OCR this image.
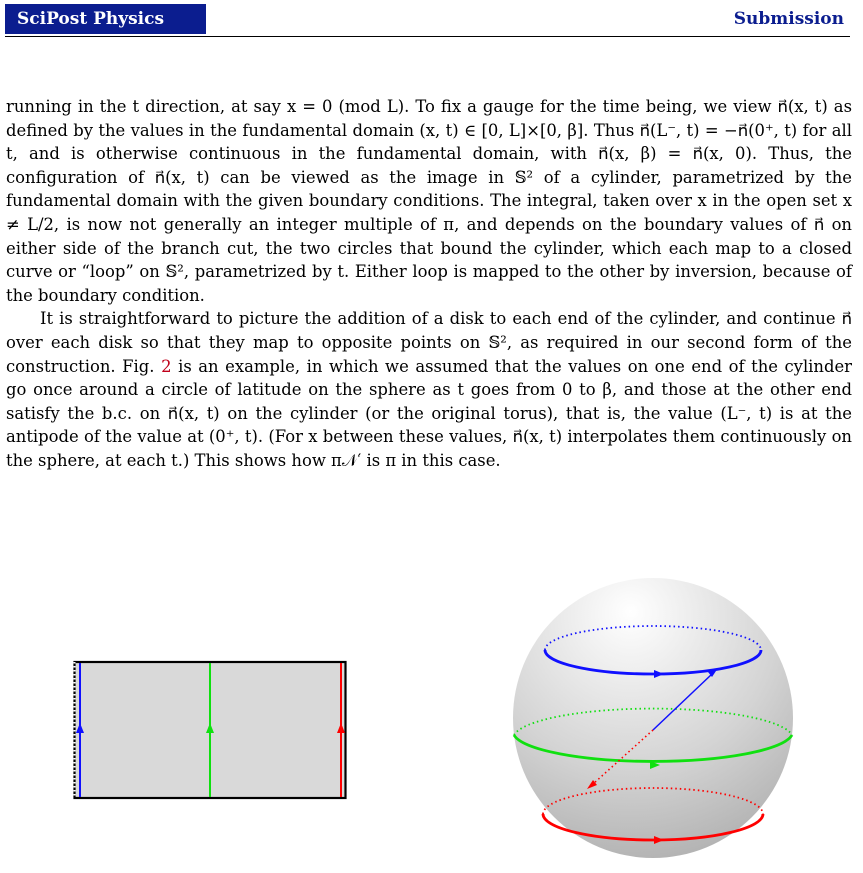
SciPost Physics	Submission

running in the t direction, at say x = 0 (mod L). To fix a gauge for the time being, we view n⃗(x, t) as defined by the values in the fundamental domain (x, t) ∈ [0, L]×[0, β]. Thus n⃗(L⁻, t) = −n⃗(0⁺, t) for all t, and is otherwise continuous in the fundamental domain, with n⃗(x, β) = n⃗(x, 0). Thus, the configuration of n⃗(x, t) can be viewed as the image in 𝕊² of a cylinder, parametrized by the fundamental domain with the given boundary conditions. The integral, taken over x in the open set x ≠ L/2, is now not generally an integer multiple of π, and depends on the boundary values of n⃗ on either side of the branch cut, the two circles that bound the cylinder, which each map to a closed curve or “loop” on 𝕊², parametrized by t. Either loop is mapped to the other by inversion, because of the boundary condition.

It is straightforward to picture the addition of a disk to each end of the cylinder, and continue n⃗ over each disk so that they map to opposite points on 𝕊², as required in our second form of the construction. Fig. 2 is an example, in which we assumed that the values on one end of the cylinder go once around a circle of latitude on the sphere as t goes from 0 to β, and those at the other end satisfy the b.c. on n⃗(x, t) on the cylinder (or the original torus), that is, the value (L⁻, t) is at the antipode of the value at (0⁺, t). (For x between these values, n⃗(x, t) interpolates them continuously on the sphere, at each t.) This shows how π𝒩′ is π in this case.
